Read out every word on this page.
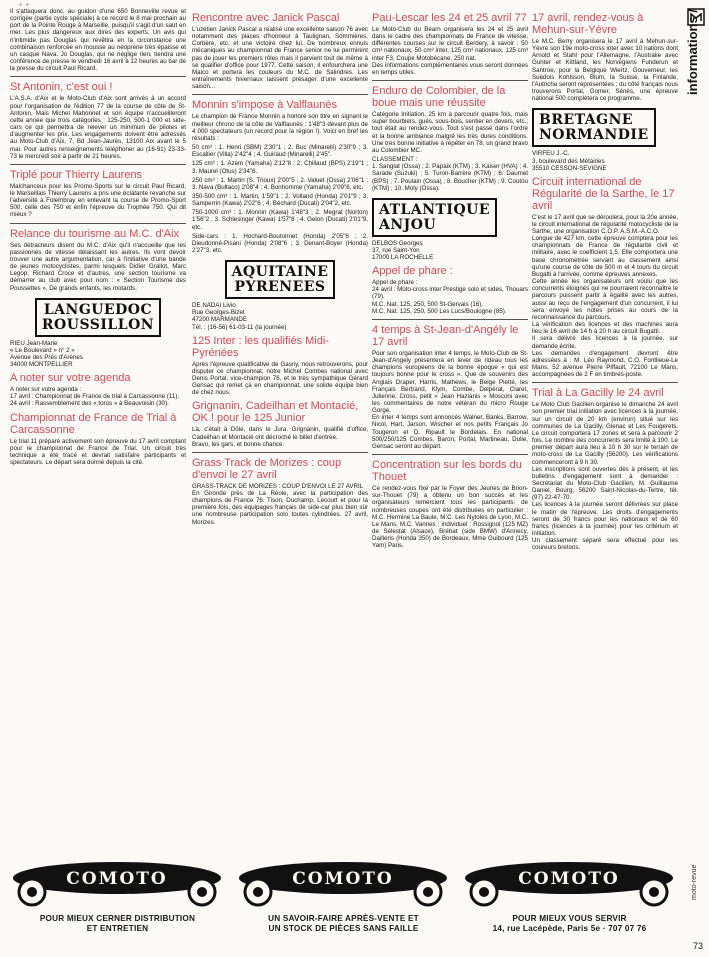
+ +

Il s'attaquera donc, au guidon d'une 650 Bonneville revue et corrigée (partie cycle spéciale) à ce record le 8 mai prochain au port de la Pointe Rouge à Marseille, puisqu'il s'agit d'un saut en mer. Les plus dangereux aux dires des experts. Un avis qui n'intimide pas Douglas qui revêtira en la circonstance une combinaison renforcée en mousse au néoprène très épaisse et un casque Nava. Jo Douglas, qui ne néglige rien, tiendra une conférence de presse le vendredi 16 avril à 12 heures au bar de la presse du circuit Paul Ricard.

St Antonin, c'est oui !

L'A.S.A. d'Aix et le Moto-Club d'Aix sont arrivés à un accord pour l'organisation de l'édition 77 de la course de côte de St-Antonin. Mais Michel Mahonnet et son équipe n'accueilleront cette année que trois catégories : 125-250, 500-1 000 et side-cars ce qui permettra de relever un minimum de pilotes et d'augmenter les prix. Les engagements doivent être adressés au Moto-Club d'Aix, 7, Bd Jean-Jaurès, 13100 Aix avant le 5 mai. Pour autres renseignements téléphoner au (16-91) 23-33-73 le mercredi soir à partir de 21 heures.

Triplé pour Thierry Laurens

Malchanceux pour les Promo-Sports sur le circuit Paul Ricard, le Marseillais Thierry Laurens a pris une éclatante revanche sur l'adversité à Folembray en enlevant la course de Promo-Sport 500, celle des 750 et enfin l'épreuve du Trophée 750. Qui dit mieux ?

Relance du tourisme au M.C. d'Aix

Ses détracteurs disent du M.C. d'Aix qu'il n'accueille que les passionnés de vitesse délaissant les autres. Ils vont devoir trouver une autre argumentation, car à l'initiative d'une bande de jeunes motocyclistes, parmi lesquels Didier Grallot, Marc Legop, Richard Croce et d'autres, une section tourisme va démarrer au club avec pour nom : « Section Tourisme des Poussettes ». De grands enfants, les motards.

LANGUEDOC
ROUSSILLON
RIEU Jean-Marie
« Le Boulevard » n° 2 »
Avenue des Prés d'Arènes
34000 MONTPELLIER
A noter sur votre agenda

A noter sur votre agenda :
17 avril : Championnat de France de trial à Carcassonne (11).
24 avril : Rassemblement des « toros » à Beauvoisin (30).

Championnat de France de Trial à Carcassonne

Le trial 11 préparé activement son épreuve du 17 avril comptant pour le championnat de France de Trial. Un circuit très technique a été tracé et devrait satisfaire participants et spectateurs. Le départ sera donné depuis la cité.

Rencontre avec Janick Pascal

L'uzétien Janick Pascal a réalisé une excellente saison 76 avec notamment des places d'honneur à Taulignan, Sommières, Corbère, etc. et une victoire chez lui. De nombreux ennuis mécaniques au championnat de France senior ne lui permirent pas de jouer les premiers rôles mais il parvient tout de même à se qualifier d'office pour 1977. Cette saison, il enfourchera une Maico et portera les couleurs du M.C. de Salindres. Les entraînements hivernaux laissent présager d'une excellente saison...

Monnin s'impose à Valflaunès

Le champion de France Monnin a honoré son titre en signant le meilleur chrono de la côte de Valflaunès : 1'48"3 devant plus de 4 000 spectateurs (un record pour la région !). Voici en bref les résultats :

50 cm³ : 1. Henri (SBM) 2'30"1 ; 2. Buc (Minarelli) 2'30"9 ; 3. Escallier (Villa) 2'42"4 ; 4. Guiraud (Minarelli) 2'45".

125 cm³ : 1. Azem (Yamaha) 2'12"8 ; 2. Chillaud (BPS) 2'19"1 ; 3. Maurel (Otus) 2'34"6.

250 cm³ : 1. Martin (S. Trioux) 2'00"5 ; 2. Valuet (Ossa) 2'06"1 ; 3. Nava (Bultaco) 2'08"4 ; 4. Bonhomme (Yamaha) 2'09"6, etc.

350-500 cm³ : 1. Martin, 1'59"1 ; 2. Volland (Honda) 2'01"9 ; 3. Samperrin (Kawa) 2'02"6 ; 4. Béchard (Ducati) 2'04"2, etc.

750-1000 cm³ : 1. Monnin (Kawa) 1'48"3 ; 2. Megrat (Norton) 1'56"2 ; 3. Schlesinger (Kawa) 1'57"8 ; 4. Gelon (Ducati) 2'01"9, etc.

Side-cars : 1. Hochard-Boutonnet (Honda) 2'05"6 ; 2. Dieudonné-Pisani (Honda) 2'08"6 ; 3. Denant-Boyer (Honda) 2'27"3, etc.

AQUITAINE
PYRENEES
DE NADAI Livio
Rue Georges-Bizet
47200 MARMANDE
Tél. : (16-56) 61-03-11 (la journée)
125 Inter : les qualifiés Midi-Pyrénées

Après l'épreuve qualificative de Gasny, nous retrouverons, pour disputer ce championnat, notre Michel Combes national avec Denis Portal, vice-champion 76, et le très sympathique Gérard Gensac qui remet ça en championnat, une solide équipe bien de chez nous.

Grignanin, Cadeilhan et Montacié, OK ! pour le 125 Junior

Là, c'était à Dôle, dans le Jura. Grignanin, qualifié d'office, Cadeilhan et Montacié ont décroché le billet d'entrée.
Bravo, les gars, et bonne chance.

Grass Track de Morizes : coup d'envoi le 27 avril

GRASS-TRACK DE MORIZES : COUP D'ENVOI LE 27 AVRIL
En Gironde près de La Réole, avec la participation des champions de France 76. Tison, Duchamp, Lecourt et pour la première fois, des équipages français de side-car plus bien sûr une nombreuse participation solo toutes cylindrées. 27 avril, Morizes.

Pau-Lescar les 24 et 25 avril 77

Le Moto-Club du Béarn organisera les 24 et 25 avril dans le cadre des championnats de France de vitesse, différentes courses sur le circuit Berdery, à savoir : 50 cm³ nationaux, 50 cm³ inter, 125 cm³ nationaux, 125 cm³ inter F3, Coupe Motobécane, 250 nat.
Des informations complémentaires vous seront données en temps utiles.

Enduro de Colombier, de la boue mais une réussite

Catégorie Initiation, 25 km à parcourir quatre fois, mais super bourbiers, gués, sous-bois, sentier en devers, etc., tout était au rendez-vous. Tout s'est passé dans l'ordre et la bonne ambiance malgré les très dures conditions. Une très bonne initiative à répéter en 78, un grand bravo au Colombier MC.

CLASSEMENT :
1. Sanglat (Ossa) ; 2. Papaix (KTM) ; 3. Kaiser (HVA) ; 4. Sarade (Suzuki) ; 5. Turon-Barrère (KTM) ; 6. Daumet (BPS) ; 7. Poulain (Ossa) ; 8. Boucher (KTM) ; 9. Coutou (KTM) ; 10. Moly (Ossa).

ATLANTIQUE
ANJOU
DELBOS Georges
37, rue Saint-Yon
17000 LA ROCHELLE
Appel de phare :

Appel de phare :
24 avril : Moto-cross inter Prestige solo et sides, Thouars (79).
M.C. Nat. 125, 250, 500 St-Gervais (16).
M.C. Nat. 125, 250, 500 Les Lucs/Boulogne (85).

4 temps à St-Jean-d'Angély le 17 avril

Pour son organisation inter 4 temps, le Moto-Club de St-Jean-d'Angely présentera en lever de rideau tous les champions européens de la bonne époque « qui est toujours bonne pour le cross ». Que de souvenirs des Anglais Draper, Harris, Mathews, le Belge Pietté, les Français Bertrand, Klym, Combe, Delpérat, Claret, Julienne, Cross, petit « Jean Hazianis » Mosconi avec les commentaires de notre vétéran du micro Rouge Gorge.
En inter 4 temps sont annoncés Walner, Banks, Barrow, Nicol, Hart, Jarson, Wischer et nos petits Français Jo Tougeron et D. Ripault le Bordelais. En national 500/250/125 Combes, Baron, Portal, Martineau, Dulie, Gensac seront au départ.

Concentration sur les bords du Thouet

Ce rendez-vous fixé par le Foyer des Jeunes de Brion-sur-Thouet (79) a obtenu un bon succès et les organisateurs remercient tous les participants: de nombreuses coupes ont été distribuées en particulier : M.C. Hermine La Baule, M.C. Les Nytoles de Lyon, M.C. Le Mans, M.C. Vannes ; individuel : Rossignol (125 MZ) de Sélestat (Alsace), Bréhat (side BMW) d'Annecy, Dailleris (Honda 350) de Bordeaux, Mme Guibourd (125 Yam) Paris.

17 avril, rendez-vous à Mehun-sur-Yèvre

Le M.C. Berry organisera le 17 avril à Mehun-sur-Yèvre son 19e moto-cross inter avec 10 nations dont Arnold et Stahl pour l'Allemagne, l'Australie avec Gunter et Kittland, les Norvégiens Funderun et Santroe, pour la Belgique Wiertz, Gouverneur, les Suédois Kohlsson, Blum, la Suisse, la Finlande, l'Autriche seront représentées ; du côté français nous trouverons Portal, Gomer, Sénès, une épreuve national 500 complètera ce programme.

BRETAGNE
NORMANDIE
VIRFEU J.-C.
3, boulevard des Métairies
35510 CESSON-SEVIGNE
Circuit international de Régularité de la Sarthe, le 17 avril

C'est le 17 avril que se déroulera, pour la 20e année, le circuit international de régularité motocycliste de la Sarthe, une organisation C.O.P. A.S.M.-A.C.O.
Longue de 427 km, cette épreuve comptera pour les championnats de France de régularité civil et militaire, avec le coefficient 1,5. Elle comportera une base chronométrée servant au classement ainsi qu'une course de côte de 500 m et 4 tours du circuit Bugatti à l'arrivée, comme épreuves annexes.
Cette année les organisateurs ont voulu que les concurrents éloignés qui ne pourraient reconnaître le parcours puissent partir à égalité avec les autres, aussi au reçu de l'engagement d'un concurrent, il lui sera envoyé les notes prises au cours de la reconnaissance du parcours.
La vérification des licences et des machines aura lieu le 16 avril de 14 h à 20 h au circuit Bugatti.
Il sera délivré des licences à la journée, sur demande écrite.
Les demandes d'engagement devront être adressées à : M. Léo Raymond, C.O. Fontlieue-Le Mans, 52 avenue Pierre Piffault, 72100 Le Mans, accompagnées de 2 F en timbres-poste.

Trial à La Gacilly le 24 avril

Le Moto Club Gacilien organise le dimanche 24 avril son premier trial initiation avec licences à la journée, sur un circuit de 20 km (environ) situé sur les communes de La Gacilly, Glenac et Les Fougerets. Le circuit comportera 17 zones et sera à parcourir 2 fois. Le nombre des concurrents sera limité à 100. Le premier départ aura lieu à 10 h 30 sur le terrain de moto-cross de La Gacilly (56200). Les vérifications commenceront à 9 h 30.
Les inscriptions sont ouvertes dès à présent, et les bulletins d'engagement sont à demander : Secrétariat du Moto-Club Gacilien, M. Guillaume Daniel, Bourg, 56200 Saint-Nicolas-du-Tertre, tél. (97) 22-47-70.
Les licences à la journée seront délivrées sur place le matin de l'épreuve. Les droits d'engagements seront de 30 francs pour les nationaux et de 60 francs (licences à la journée) pour les critérium et initiation.
Un classement séparé sera effectué pour les coureurs bretons.

informations /
moto-revue
73
COMOTO
POUR MIEUX CERNER DISTRIBUTION
ET ENTRETIEN
COMOTO
UN SAVOIR-FAIRE APRÈS-VENTE ET
UN STOCK DE PIÈCES SANS FAILLE
COMOTO
POUR MIEUX VOUS SERVIR
14, rue Lacépède, Paris 5e · 707 07 76
